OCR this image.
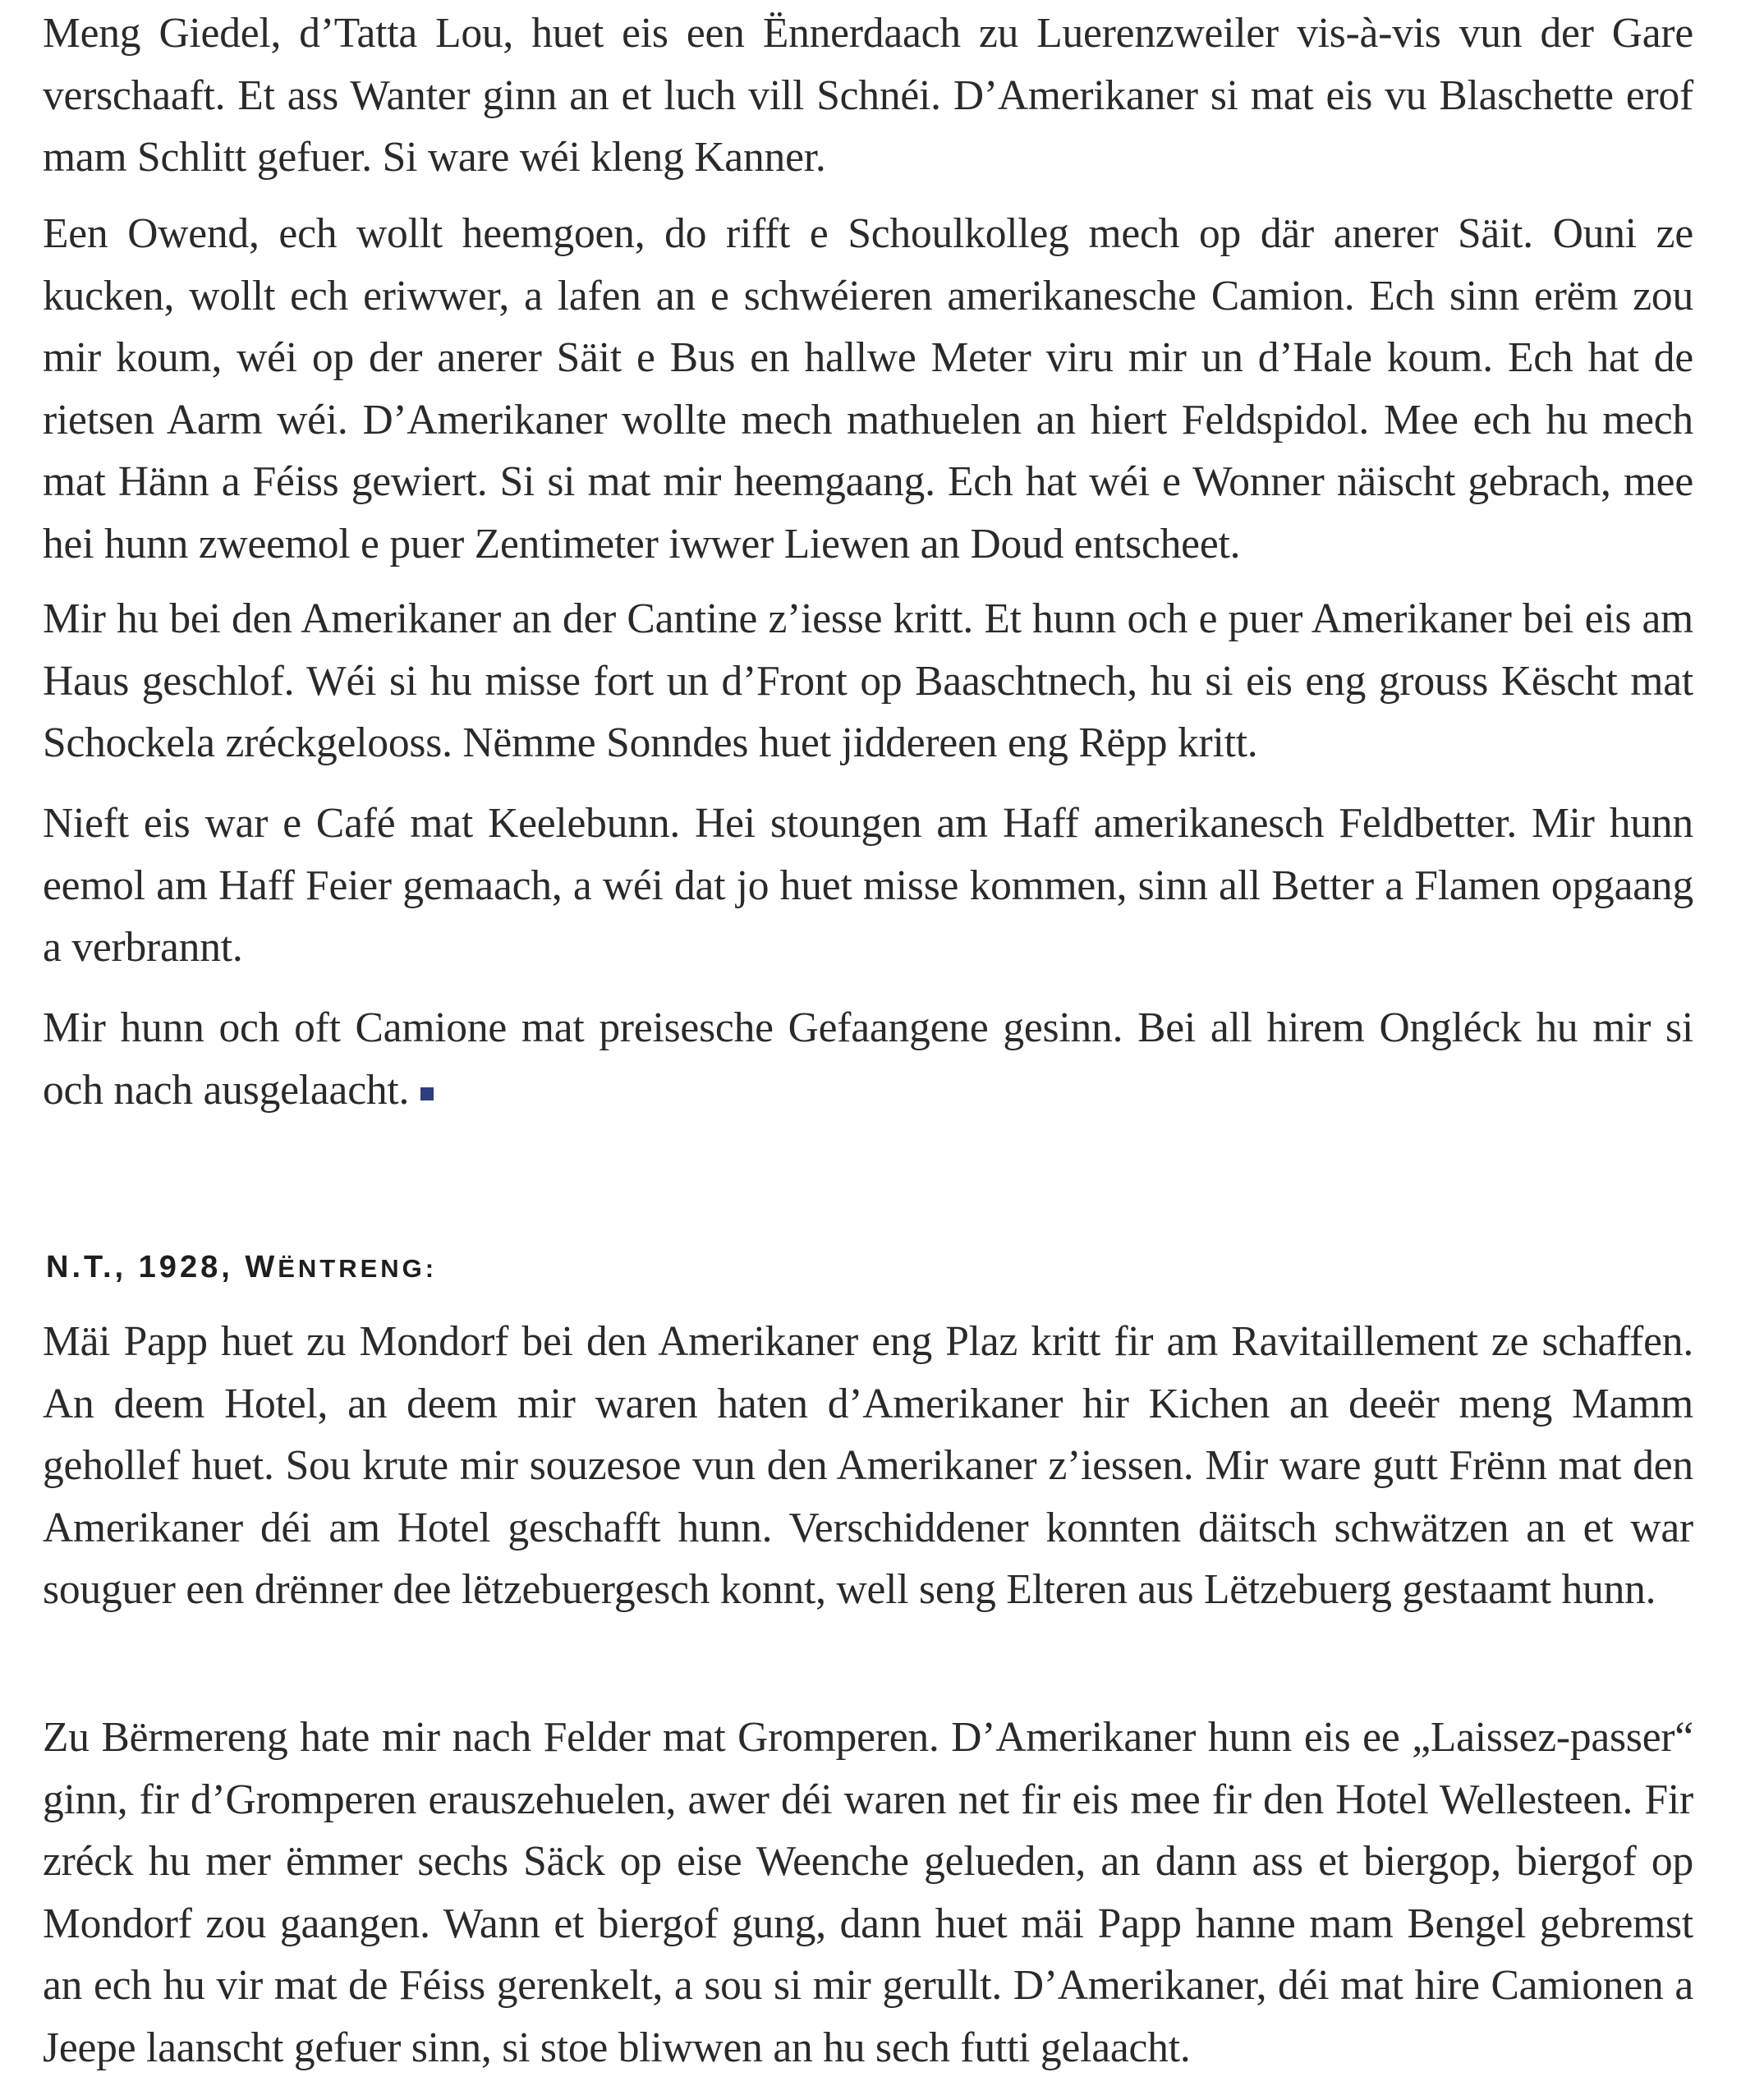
Meng Giedel, d’Tatta Lou, huet eis een Ënnerdaach zu Luerenzweiler vis-à-vis vun der Gare verschaaft. Et ass Wanter ginn an et luch vill Schnéi. D’Amerikaner si mat eis vu Blaschette erof mam Schlitt gefuer. Si ware wéi kleng Kanner.

Een Owend, ech wollt heemgoen, do rifft e Schoulkolleg mech op där anerer Säit. Ouni ze kucken, wollt ech eriwwer, a lafen an e schwéieren amerikanesche Camion. Ech sinn erëm zou mir koum, wéi op der anerer Säit e Bus en hallwe Meter viru mir un d’Hale koum. Ech hat de rietsen Aarm wéi. D’Amerikaner wollte mech mathuelen an hiert Feldspidol. Mee ech hu mech mat Hänn a Féiss gewiert. Si si mat mir heemgaang. Ech hat wéi e Wonner näischt gebrach, mee hei hunn zweemol e puer Zentimeter iwwer Liewen an Doud entscheet.

Mir hu bei den Amerikaner an der Cantine z’iesse kritt. Et hunn och e puer Amerikaner bei eis am Haus geschlof. Wéi si hu misse fort un d’Front op Baaschtnech, hu si eis eng grouss Këscht mat Schockela zréckgelooss. Nëmme Sonndes huet jiddereen eng Rëpp kritt.

Nieft eis war e Café mat Keelebunn. Hei stoungen am Haff amerikanesch Feldbetter. Mir hunn eemol am Haff Feier gemaach, a wéi dat jo huet misse kommen, sinn all Better a Flamen opgaang a verbrannt.

Mir hunn och oft Camione mat preisesche Gefaangene gesinn. Bei all hirem Ongléck hu mir si och nach ausgelaacht.

N.T., 1928, WËNTRENG:

Mäi Papp huet zu Mondorf bei den Amerikaner eng Plaz kritt fir am Ravitaillement ze schaffen. An deem Hotel, an deem mir waren haten d’Amerikaner hir Kichen an deeër meng Mamm gehollef huet. Sou krute mir souzesoe vun den Amerikaner z’iessen. Mir ware gutt Frënn mat den Amerikaner déi am Hotel geschafft hunn. Verschiddener konnten däitsch schwätzen an et war souguer een drënner dee lëtzebuergesch konnt, well seng Elteren aus Lëtzebuerg gestaamt hunn.

Zu Bërmereng hate mir nach Felder mat Gromperen. D’Amerikaner hunn eis ee „Laissez-passer“ ginn, fir d’Gromperen erauszehuelen, awer déi waren net fir eis mee fir den Hotel Wellesteen. Fir zréck hu mer ëmmer sechs Säck op eise Weenche gelueden, an dann ass et biergop, biergof op Mondorf zou gaangen. Wann et biergof gung, dann huet mäi Papp hanne mam Bengel gebremst an ech hu vir mat de Féiss gerenkelt, a sou si mir gerullt. D’Amerikaner, déi mat hire Camionen a Jeepe laanscht gefuer sinn, si stoe bliwwen an hu sech futti gelaacht.
